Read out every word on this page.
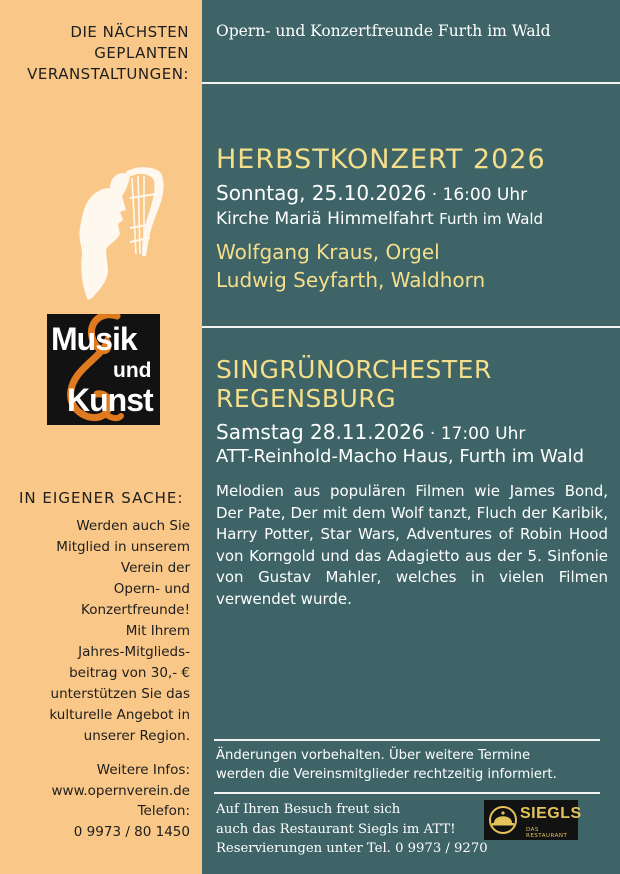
DIE NÄCHSTEN
GEPLANTEN
VERANSTALTUNGEN:

Musik

und

Kunst

IN EIGENER SACHE:

Werden auch Sie
Mitglied in unserem
Verein der
Opern- und
Konzertfreunde!
Mit Ihrem
Jahres-Mitglieds-
beitrag von 30,- €
unterstützen Sie das
kulturelle Angebot in
unserer Region.

Weitere Infos:
www.opernverein.de
Telefon:
0 9973 / 80 1450

Opern- und Konzertfreunde Furth im Wald

HERBSTKONZERT 2026

Sonntag, 25.10.2026 · 16:00 Uhr

Kirche Mariä Himmelfahrt Furth im Wald

Wolfgang Kraus, Orgel
Ludwig Seyfarth, Waldhorn

SINGRÜNORCHESTER
REGENSBURG

Samstag 28.11.2026 · 17:00 Uhr

ATT-Reinhold-Macho Haus, Furth im Wald

Melodien aus populären Filmen wie James Bond, Der Pate, Der mit dem Wolf tanzt, Fluch der Karibik, Harry Potter, Star Wars, Adventures of Robin Hood von Korngold und das Adagietto aus der 5. Sinfonie von Gustav Mahler, welches in vielen Filmen verwendet wurde.

Änderungen vorbehalten. Über weitere Termine
werden die Vereinsmitglieder rechtzeitig informiert.

Auf Ihren Besuch freut sich
auch das Restaurant Siegls im ATT!
Reservierungen unter Tel. 0 9973 / 9270

SIEGLS

DAS RESTAURANT
